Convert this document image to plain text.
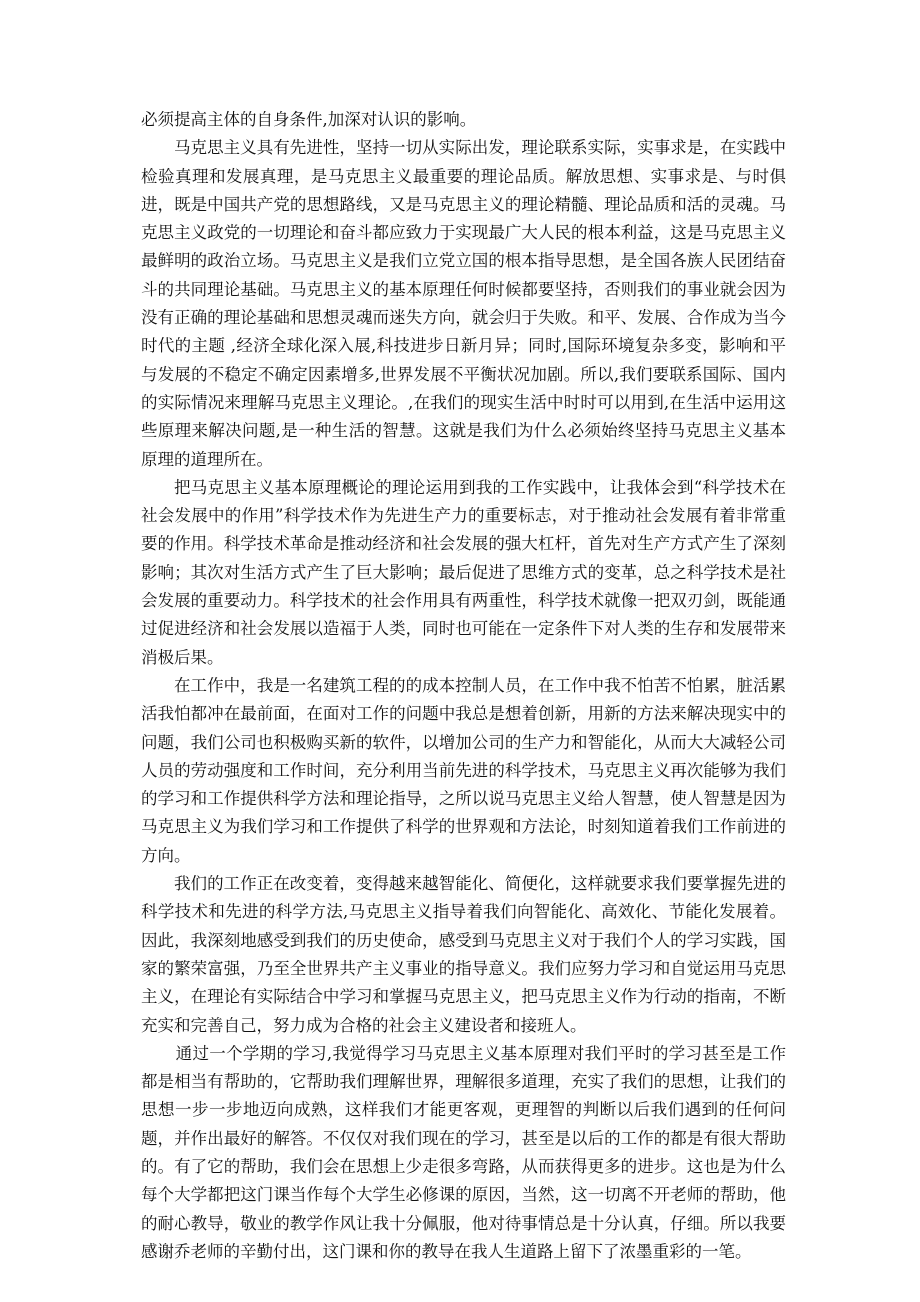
必须提高主体的自身条件,加深对认识的影响。

马克思主义具有先进性，坚持一切从实际出发，理论联系实际，实事求是，在实践中检验真理和发展真理，是马克思主义最重要的理论品质。解放思想、实事求是、与时俱进，既是中国共产党的思想路线，又是马克思主义的理论精髓、理论品质和活的灵魂。马克思主义政党的一切理论和奋斗都应致力于实现最广大人民的根本利益，这是马克思主义最鲜明的政治立场。马克思主义是我们立党立国的根本指导思想，是全国各族人民团结奋斗的共同理论基础。马克思主义的基本原理任何时候都要坚持，否则我们的事业就会因为没有正确的理论基础和思想灵魂而迷失方向，就会归于失败。和平、发展、合作成为当今时代的主题 ,经济全球化深入展,科技进步日新月异；同时,国际环境复杂多变，影响和平与发展的不稳定不确定因素增多,世界发展不平衡状况加剧。所以,我们要联系国际、国内的实际情况来理解马克思主义理论。,在我们的现实生活中时时可以用到,在生活中运用这些原理来解决问题,是一种生活的智慧。这就是我们为什么必须始终坚持马克思主义基本原理的道理所在。

把马克思主义基本原理概论的理论运用到我的工作实践中，让我体会到“科学技术在社会发展中的作用”科学技术作为先进生产力的重要标志，对于推动社会发展有着非常重要的作用。科学技术革命是推动经济和社会发展的强大杠杆，首先对生产方式产生了深刻影响；其次对生活方式产生了巨大影响；最后促进了思维方式的变革，总之科学技术是社会发展的重要动力。科学技术的社会作用具有两重性，科学技术就像一把双刃剑，既能通过促进经济和社会发展以造福于人类，同时也可能在一定条件下对人类的生存和发展带来消极后果。

在工作中，我是一名建筑工程的的成本控制人员，在工作中我不怕苦不怕累，脏活累活我怕都冲在最前面，在面对工作的问题中我总是想着创新，用新的方法来解决现实中的问题，我们公司也积极购买新的软件，以增加公司的生产力和智能化，从而大大减轻公司人员的劳动强度和工作时间，充分利用当前先进的科学技术，马克思主义再次能够为我们的学习和工作提供科学方法和理论指导，之所以说马克思主义给人智慧，使人智慧是因为马克思主义为我们学习和工作提供了科学的世界观和方法论，时刻知道着我们工作前进的方向。

我们的工作正在改变着，变得越来越智能化、简便化，这样就要求我们要掌握先进的科学技术和先进的科学方法,马克思主义指导着我们向智能化、高效化、节能化发展着。因此，我深刻地感受到我们的历史使命，感受到马克思主义对于我们个人的学习实践，国家的繁荣富强，乃至全世界共产主义事业的指导意义。我们应努力学习和自觉运用马克思主义，在理论有实际结合中学习和掌握马克思主义，把马克思主义作为行动的指南，不断充实和完善自己，努力成为合格的社会主义建设者和接班人。

通过一个学期的学习,我觉得学习马克思主义基本原理对我们平时的学习甚至是工作都是相当有帮助的，它帮助我们理解世界，理解很多道理，充实了我们的思想，让我们的思想一步一步地迈向成熟，这样我们才能更客观，更理智的判断以后我们遇到的任何问题，并作出最好的解答。不仅仅对我们现在的学习，甚至是以后的工作的都是有很大帮助的。有了它的帮助，我们会在思想上少走很多弯路，从而获得更多的进步。这也是为什么每个大学都把这门课当作每个大学生必修课的原因，当然，这一切离不开老师的帮助，他的耐心教导，敬业的教学作风让我十分佩服，他对待事情总是十分认真，仔细。所以我要感谢乔老师的辛勤付出，这门课和你的教导在我人生道路上留下了浓墨重彩的一笔。
